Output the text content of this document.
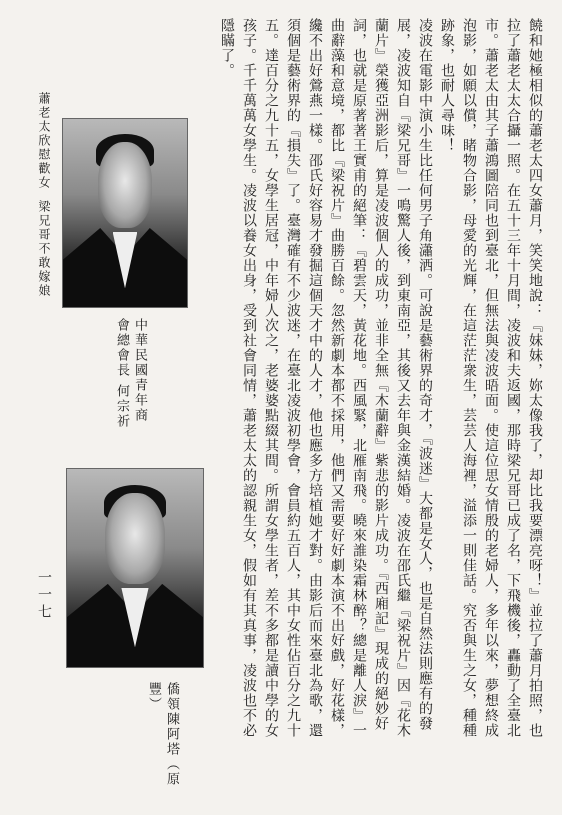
饒和她極相似的蕭老太四女蕭月，笑笑地說：『妹妹，妳太像我了，却比我要漂亮呀！』並拉了蕭月拍照，也拉了蕭老太太合攝一照。在五十三年十月間，凌波和夫返國，那時梁兄哥已成了名，下飛機後，轟動了全臺北市。蕭老太由其子蕭鴻圖陪同也到臺北，但無法與凌波晤面。使這位思女情殷的老婦人，多年以來，夢想終成泡影，如願以償，睹物合影，母愛的光輝，在這茫茫衆生，芸芸人海裡，溢添一則佳話。究否與生之女，種種跡象，也耐人尋味！

凌波在電影中演小生比任何男子角瀟洒。可說是藝術界的奇才，『波迷』大都是女人，也是自然法則應有的發展，凌波知自『梁兄哥』一鳴驚人後，到東南亞，其後又去年與金漢結婚。凌波在邵氏繼『梁祝片』因『花木蘭片』榮獲亞洲影后，算是凌波個人的成功，並非全無『木蘭辭』紫悲的影片成功。『西廂記』現成的絕妙好詞，也就是原著著王實甫的絕筆：『碧雲天，黃花地。西風緊，北雁南飛。曉來誰染霜林醉？總是離人淚』一曲辭藻和意境，都比『梁祝片』曲勝百餘。忽然新劇本都不採用，他們又需要好好劇本演不出好戲，好花樣，纔不出好鶯燕一樣。邵氏好容易才發掘這個天才中的人才，他也應多方培植她才對。由影后而來臺北為歌，還須個是藝術界的『損失』了。臺灣確有不少波迷，在臺北凌波初學會，會員約五百人，其中女性佔百分之九十五。達百分之九十五，女學生居冠，中年婦人次之，老婆婆點綴其間。所謂女學生者，差不多都是讀中學的女孩子。千千萬萬女學生。凌波以養女出身，受到社會同情，蕭老太太的認親生女，假如有其真事，凌波也不必隱瞞了。

蕭老太欣慰歡女
梁兄哥不敢嫁娘
中華民國青年商 會總會長 何宗祈
僑領陳阿塔（原豐）
一一七
